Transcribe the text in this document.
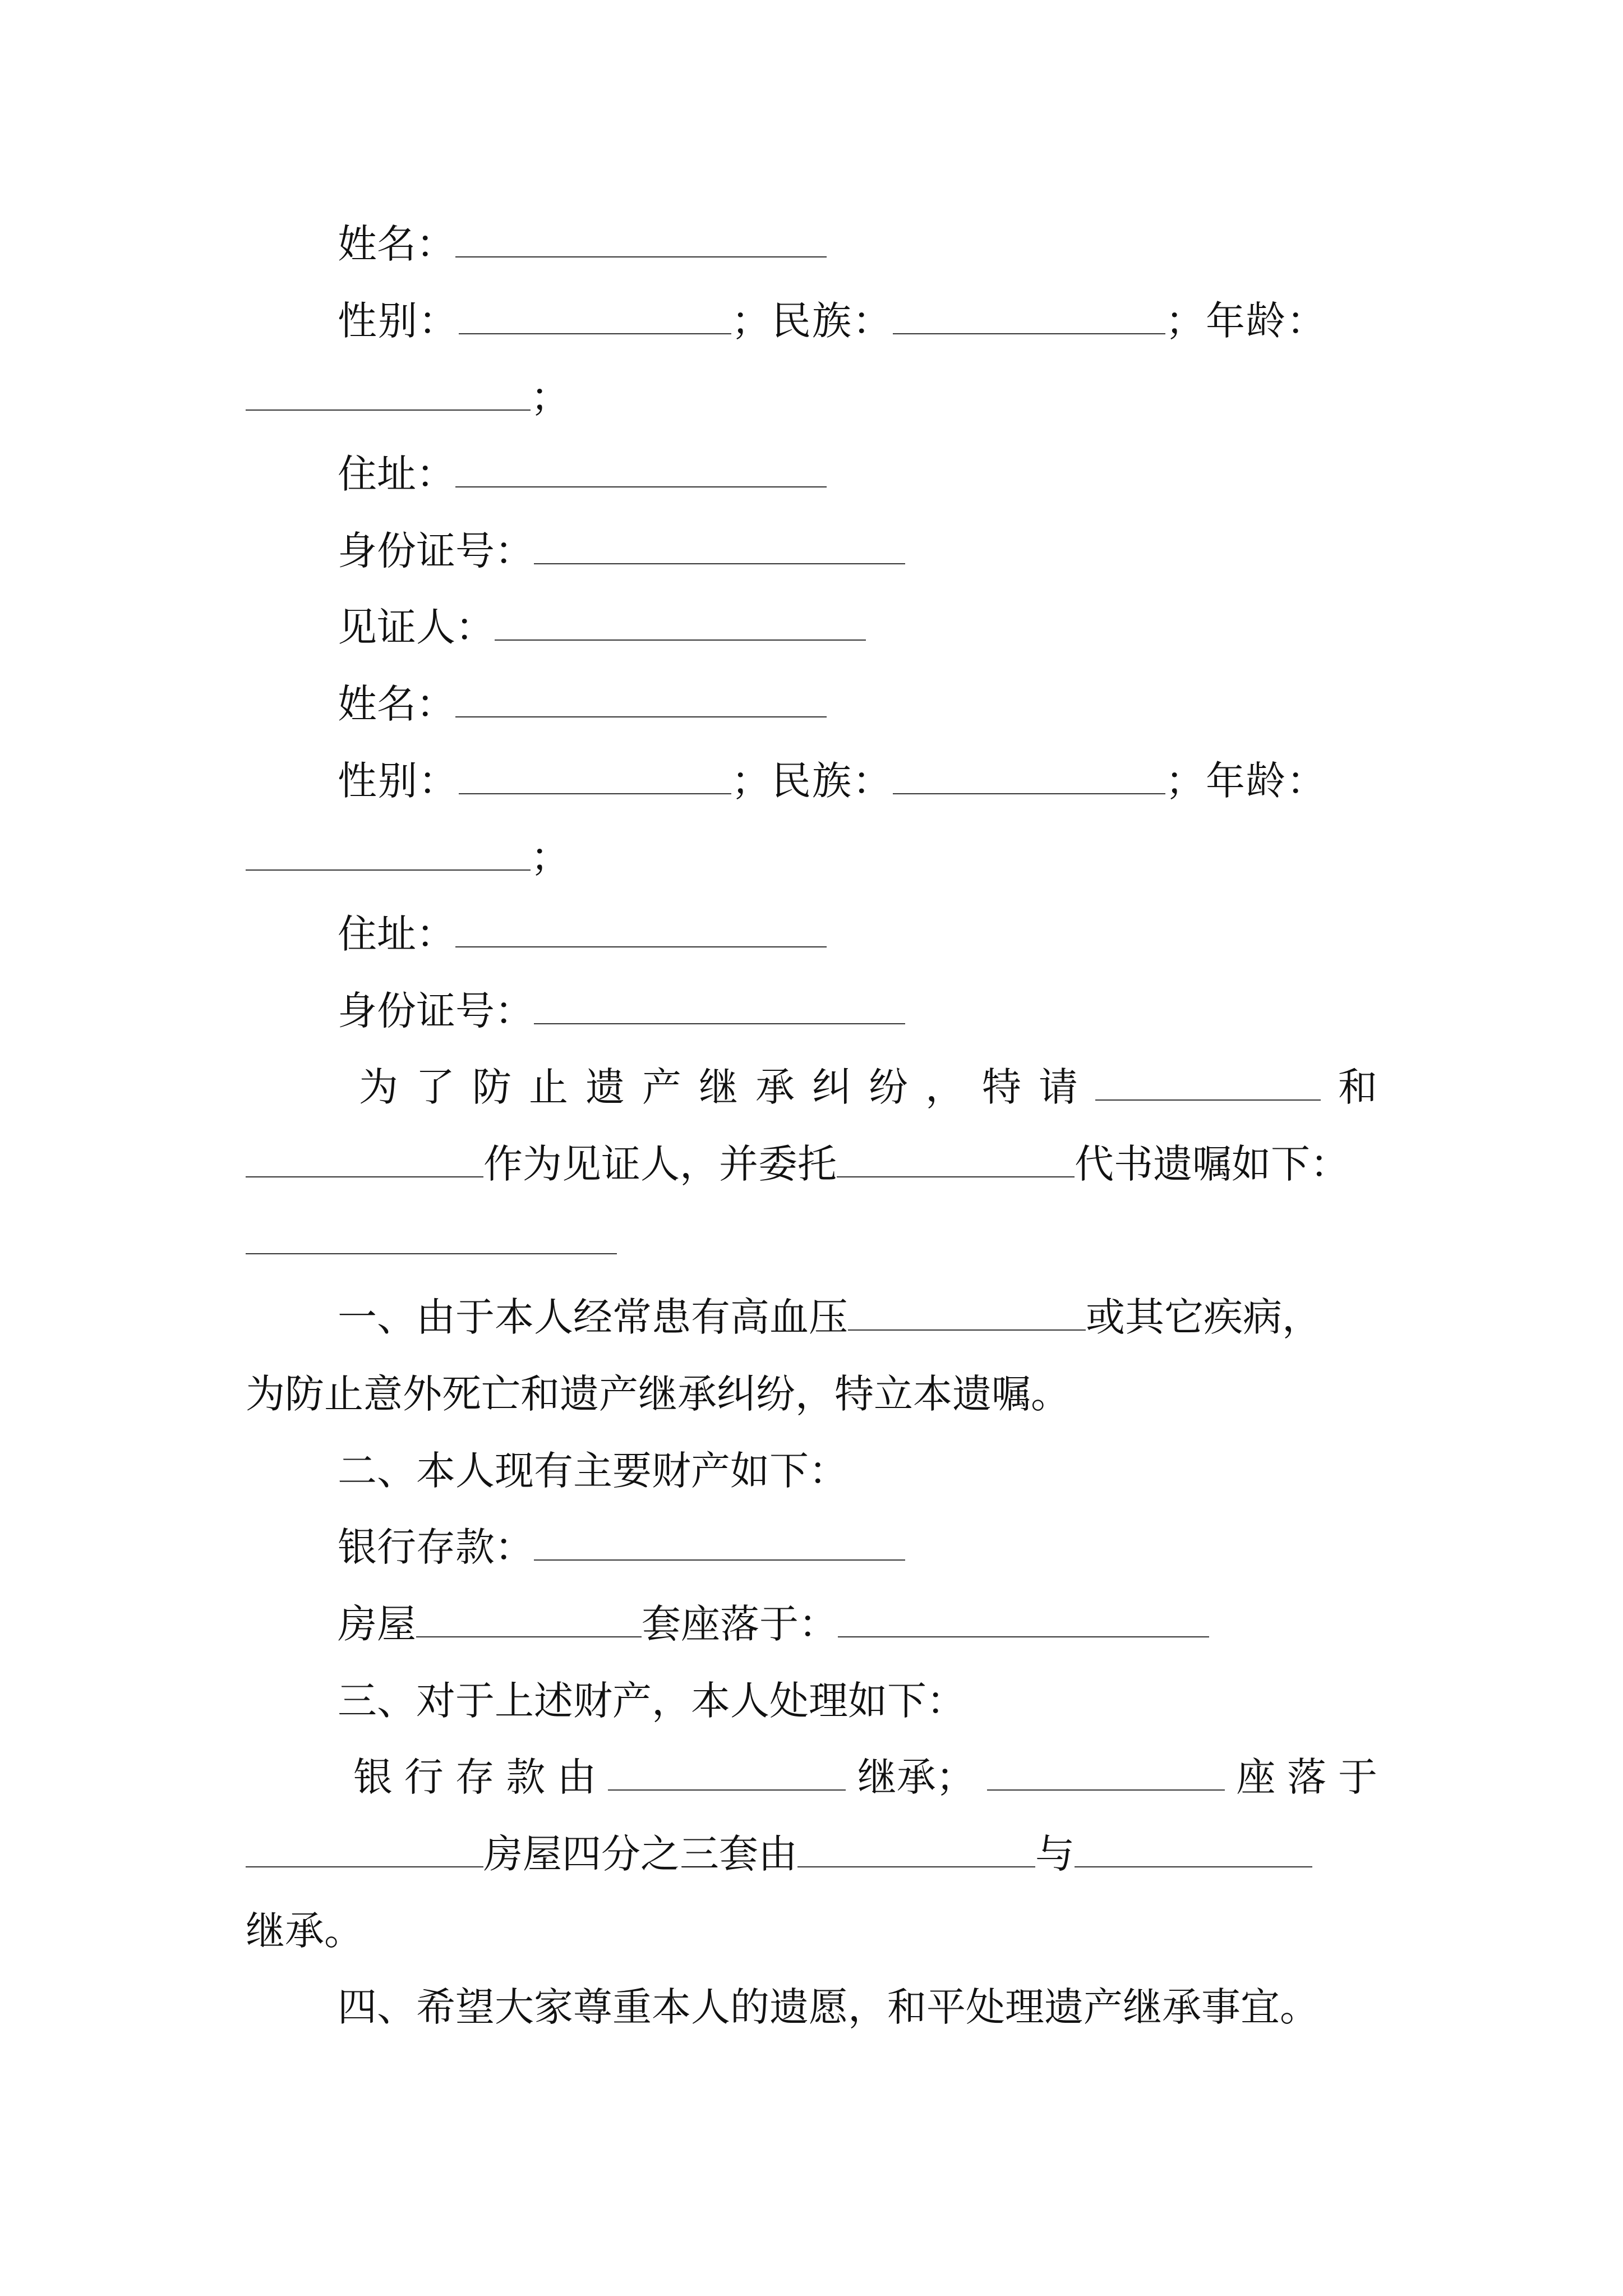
姓名：
性别：	；民族：	；年龄：
；
住址：
身份证号：
见证人：
姓名：
性别：	；民族：	；年龄：
；
住址：
身份证号：
为 了 防 止 遗 产 继 承 纠 纷 ， 特 请	和
作为见证人，并委托	代书遗嘱如下：
一、由于本人经常患有高血压	或其它疾病，
为防止意外死亡和遗产继承纠纷，特立本遗嘱。
二、本人现有主要财产如下：
银行存款：
房屋	套座落于：
三、对于上述财产，本人处理如下：
银 行 存 款 由	继承；	座 落 于
房屋四分之三套由	与
继承。
四、希望大家尊重本人的遗愿，和平处理遗产继承事宜。
